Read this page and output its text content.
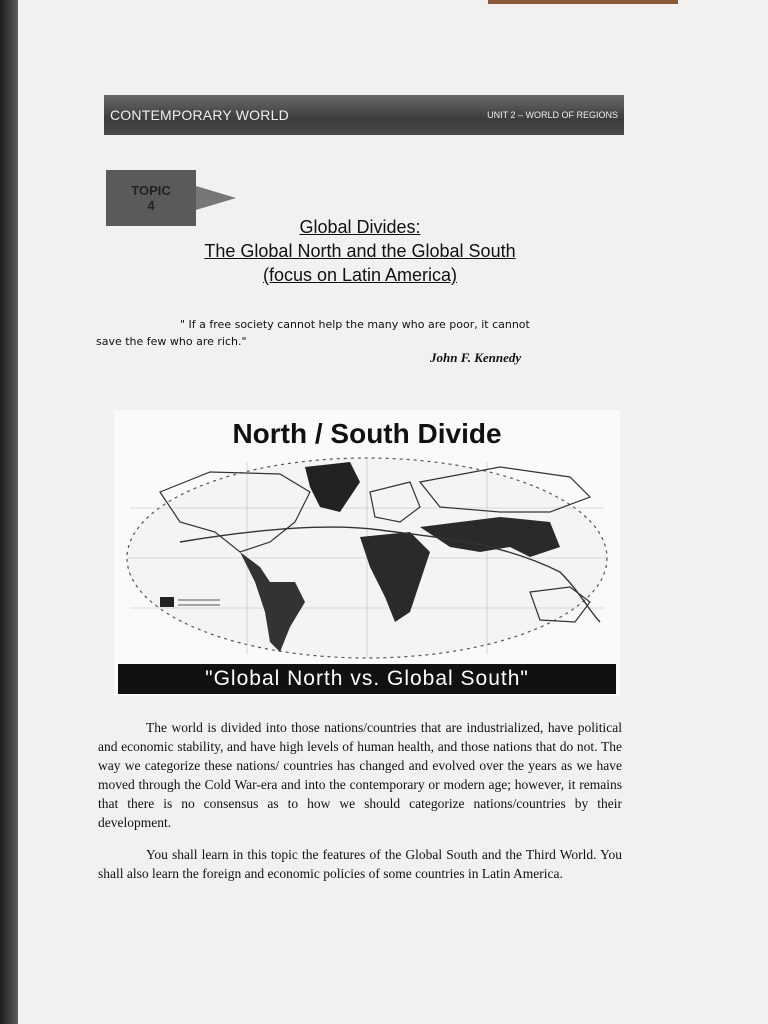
CONTEMPORARY WORLD	UNIT 2 – WORLD OF REGIONS
TOPIC
4
Global Divides:
The Global North and the Global South
(focus on Latin America)
" If a free society cannot help the many who are poor, it cannot
save the few who are rich."
John F. Kennedy
North / South Divide
"Global North vs. Global South"

The world is divided into those nations/countries that are industrialized, have political and economic stability, and have high levels of human health, and those nations that do not. The way we categorize these nations/ countries has changed and evolved over the years as we have moved through the Cold War-era and into the contemporary or modern age; however, it remains that there is no consensus as to how we should categorize nations/countries by their development.

You shall learn in this topic the features of the Global South and the Third World. You shall also learn the foreign and economic policies of some countries in Latin America.
